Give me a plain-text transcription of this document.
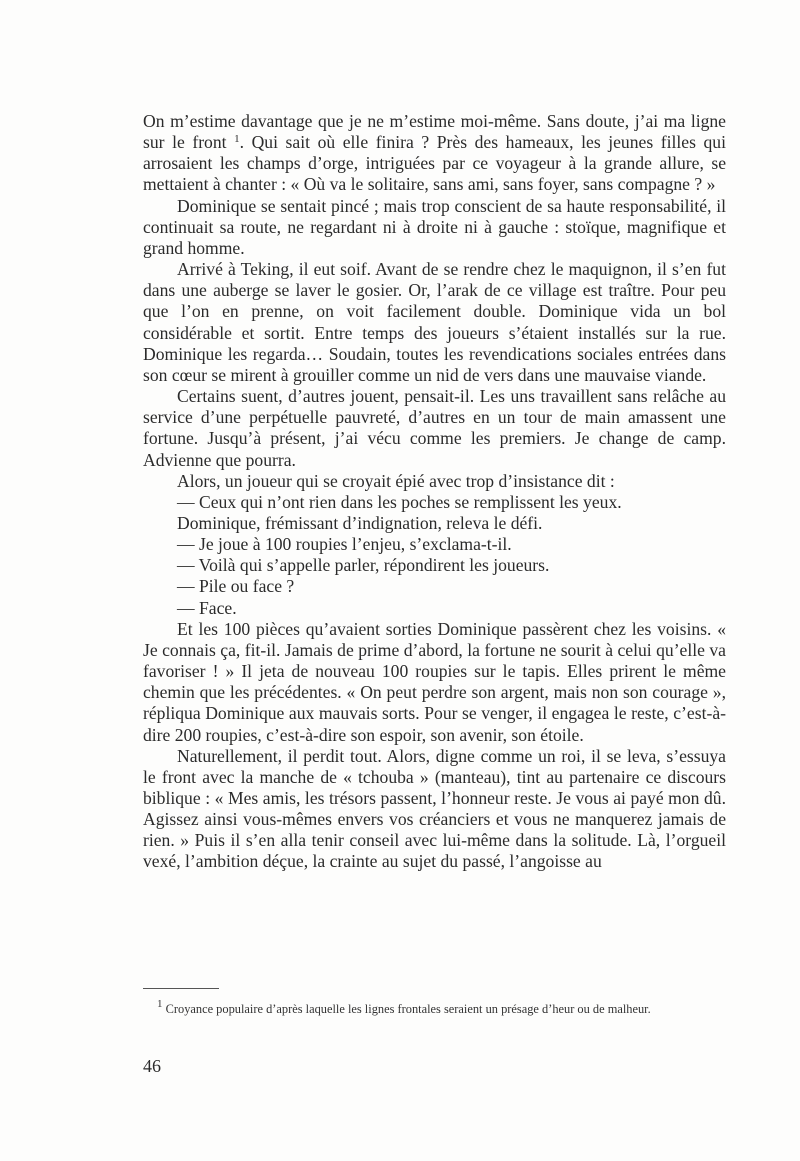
On m’estime davantage que je ne m’estime moi-même. Sans doute, j’ai ma ligne sur le front $^1$. Qui sait où elle finira ? Près des hameaux, les jeunes filles qui arrosaient les champs d’orge, intriguées par ce voyageur à la grande allure, se mettaient à chanter : « Où va le solitaire, sans ami, sans foyer, sans compagne ? »

Dominique se sentait pincé ; mais trop conscient de sa haute responsabilité, il continuait sa route, ne regardant ni à droite ni à gauche : stoïque, magnifique et grand homme.

Arrivé à Teking, il eut soif. Avant de se rendre chez le maquignon, il s’en fut dans une auberge se laver le gosier. Or, l’arak de ce village est traître. Pour peu que l’on en prenne, on voit facilement double. Dominique vida un bol considérable et sortit. Entre temps des joueurs s’étaient installés sur la rue. Dominique les regarda… Soudain, toutes les revendications sociales entrées dans son cœur se mirent à grouiller comme un nid de vers dans une mauvaise viande.

Certains suent, d’autres jouent, pensait-il. Les uns travaillent sans relâche au service d’une perpétuelle pauvreté, d’autres en un tour de main amassent une fortune. Jusqu’à présent, j’ai vécu comme les premiers. Je change de camp. Advienne que pourra.

Alors, un joueur qui se croyait épié avec trop d’insistance dit :

— Ceux qui n’ont rien dans les poches se remplissent les yeux.

Dominique, frémissant d’indignation, releva le défi.

— Je joue à 100 roupies l’enjeu, s’exclama-t-il.

— Voilà qui s’appelle parler, répondirent les joueurs.

— Pile ou face ?

— Face.

Et les 100 pièces qu’avaient sorties Dominique passèrent chez les voisins. « Je connais ça, fit-il. Jamais de prime d’abord, la fortune ne sourit à celui qu’elle va favoriser ! » Il jeta de nouveau 100 roupies sur le tapis. Elles prirent le même chemin que les précédentes. « On peut perdre son argent, mais non son courage », répliqua Dominique aux mauvais sorts. Pour se venger, il engagea le reste, c’est-à-dire 200 roupies, c’est-à-dire son espoir, son avenir, son étoile.

Naturellement, il perdit tout. Alors, digne comme un roi, il se leva, s’essuya le front avec la manche de « tchouba » (manteau), tint au partenaire ce discours biblique : « Mes amis, les trésors passent, l’honneur reste. Je vous ai payé mon dû. Agissez ainsi vous-mêmes envers vos créanciers et vous ne manquerez jamais de rien. » Puis il s’en alla tenir conseil avec lui-même dans la solitude. Là, l’orgueil vexé, l’ambition déçue, la crainte au sujet du passé, l’angoisse au

$^1$ Croyance populaire d’après laquelle les lignes frontales seraient un présage d’heur ou de malheur.
46
